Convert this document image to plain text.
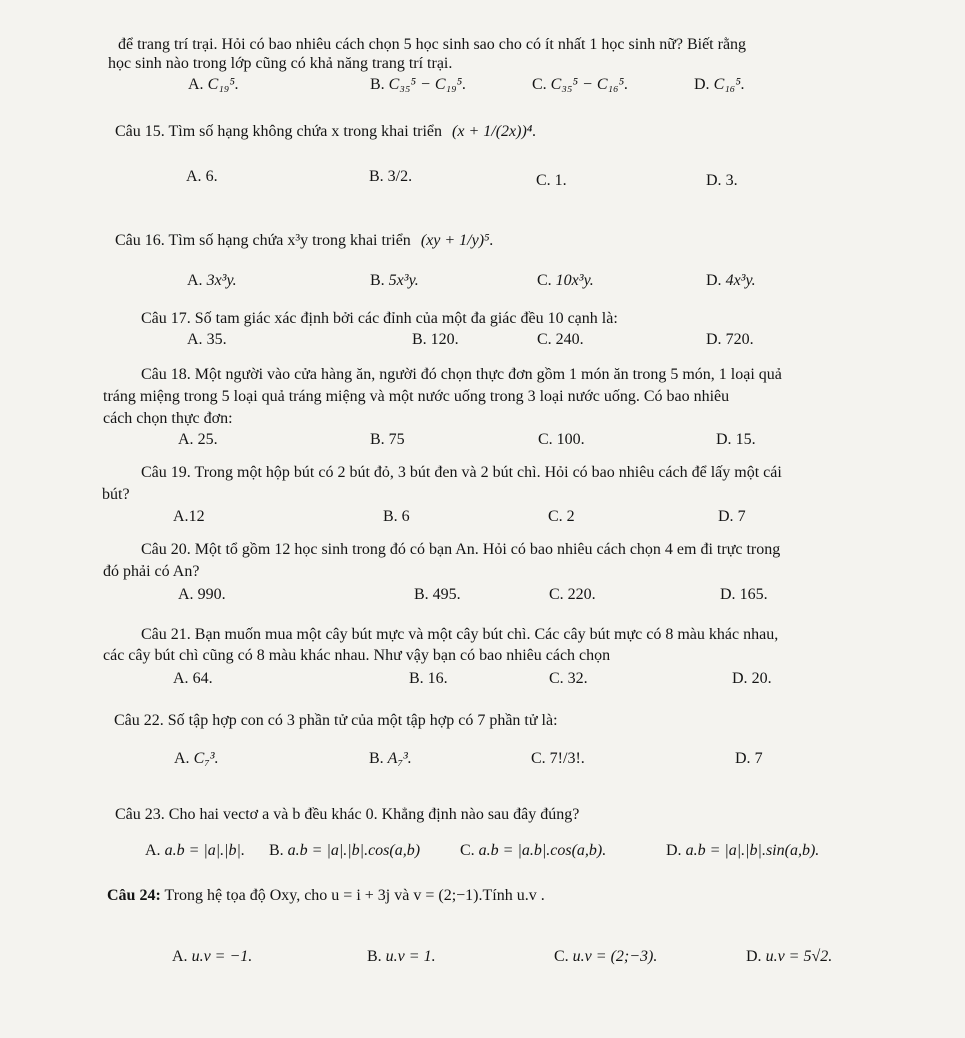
để trang trí trại. Hỏi có bao nhiêu cách chọn 5 học sinh sao cho có ít nhất 1 học sinh nữ? Biết rằng
học sinh nào trong lớp cũng có khả năng trang trí trại.
A. C₁₉⁵.	B. C₃₅⁵ − C₁₉⁵.	C. C₃₅⁵ − C₁₆⁵.	D. C₁₆⁵.
Câu 15. Tìm số hạng không chứa x trong khai triển (x + 1/(2x))⁴.
A. 6.	B. 3/2.	C. 1.	D. 3.
Câu 16. Tìm số hạng chứa x³y trong khai triển (xy + 1/y)⁵.
A. 3x³y.	B. 5x³y.	C. 10x³y.	D. 4x³y.
Câu 17. Số tam giác xác định bởi các đỉnh của một đa giác đều 10 cạnh là:
A. 35.	B. 120.	C. 240.	D. 720.
Câu 18. Một người vào cửa hàng ăn, người đó chọn thực đơn gồm 1 món ăn trong 5 món, 1 loại quả
tráng miệng trong 5 loại quả tráng miệng và một nước uống trong 3 loại nước uống. Có bao nhiêu
cách chọn thực đơn:
A. 25.	B. 75	C. 100.	D. 15.
Câu 19. Trong một hộp bút có 2 bút đỏ, 3 bút đen và 2 bút chì. Hỏi có bao nhiêu cách để lấy một cái
bút?
A.12	B. 6	C. 2	D. 7
Câu 20. Một tổ gồm 12 học sinh trong đó có bạn An. Hỏi có bao nhiêu cách chọn 4 em đi trực trong
đó phải có An?
A. 990.	B. 495.	C. 220.	D. 165.
Câu 21. Bạn muốn mua một cây bút mực và một cây bút chì. Các cây bút mực có 8 màu khác nhau,
các cây bút chì cũng có 8 màu khác nhau. Như vậy bạn có bao nhiêu cách chọn
A. 64.	B. 16.	C. 32.	D. 20.
Câu 22. Số tập hợp con có 3 phần tử của một tập hợp có 7 phần tử là:
A. C₇³.	B. A₇³.	C. 7!/3!.	D. 7
Câu 23. Cho hai vectơ a và b đều khác 0. Khẳng định nào sau đây đúng?
A. a.b = |a|.|b|. B. a.b = |a|.|b|.cos(a,b) C. a.b = |a.b|.cos(a,b).	D. a.b = |a|.|b|.sin(a,b).
Câu 24: Trong hệ tọa độ Oxy, cho u = i + 3j và v = (2;−1).Tính u.v .
A. u.v = −1.	B. u.v = 1.	C. u.v = (2;−3).	D. u.v = 5√2.
